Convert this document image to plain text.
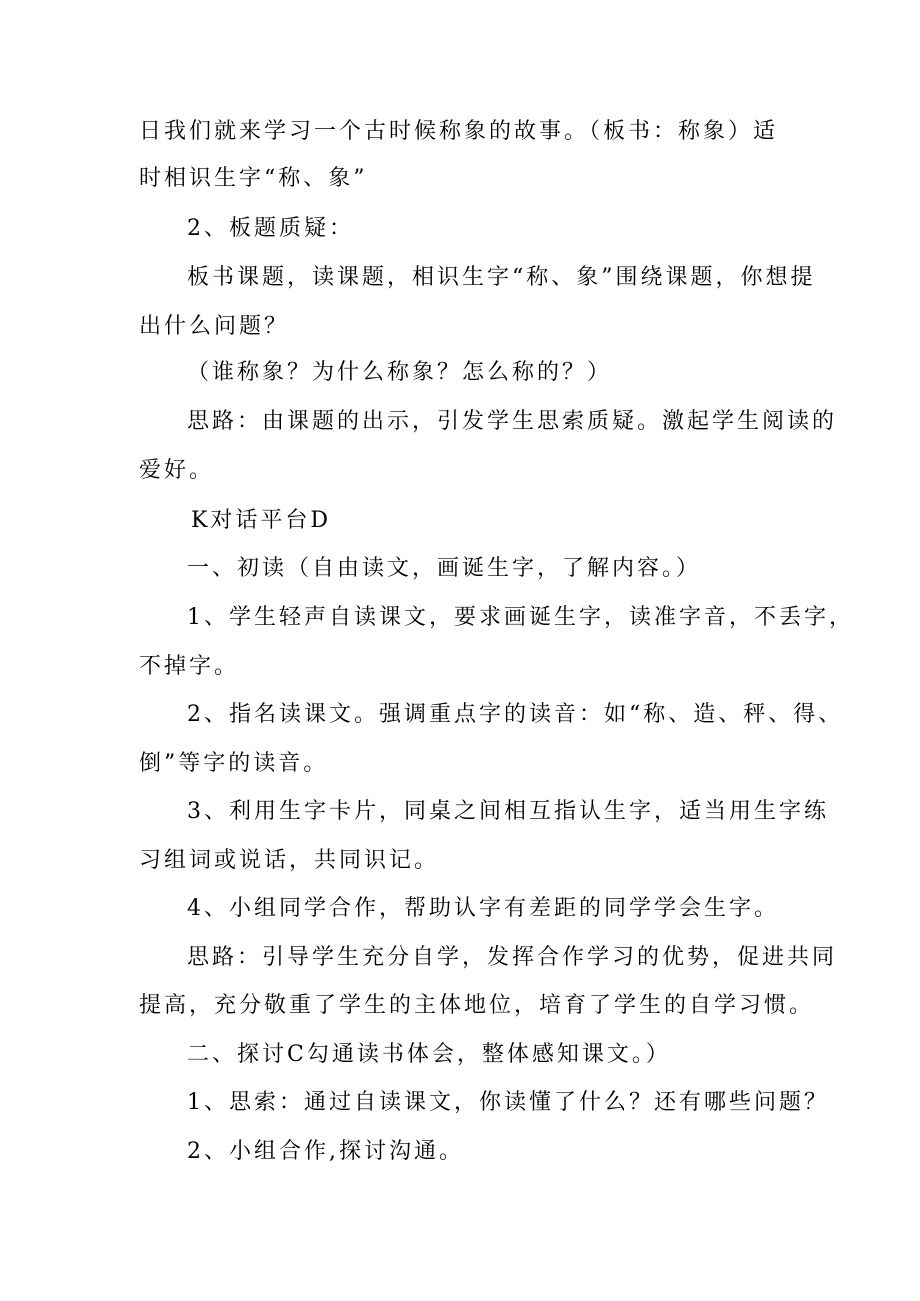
日我们就来学习一个古时候称象的故事。（板书：称象）适
时相识生字“称、象”
2、板题质疑：
板书课题，读课题，相识生字“称、象”围绕课题，你想提
出什么问题？
（谁称象？为什么称象？怎么称的？）
思路：由课题的出示，引发学生思索质疑。激起学生阅读的
爱好。
K对话平台D
一、初读（自由读文，画诞生字，了解内容。）
1、学生轻声自读课文，要求画诞生字，读准字音，不丢字，
不掉字。
2、指名读课文。强调重点字的读音：如“称、造、秤、得、
倒”等字的读音。
3、利用生字卡片，同桌之间相互指认生字，适当用生字练
习组词或说话，共同识记。
4、小组同学合作，帮助认字有差距的同学学会生字。
思路：引导学生充分自学，发挥合作学习的优势，促进共同
提高，充分敬重了学生的主体地位，培育了学生的自学习惯。
二、探讨C勾通读书体会，整体感知课文。）
1、思索：通过自读课文，你读懂了什么？还有哪些问题？
2、小组合作,探讨沟通。
